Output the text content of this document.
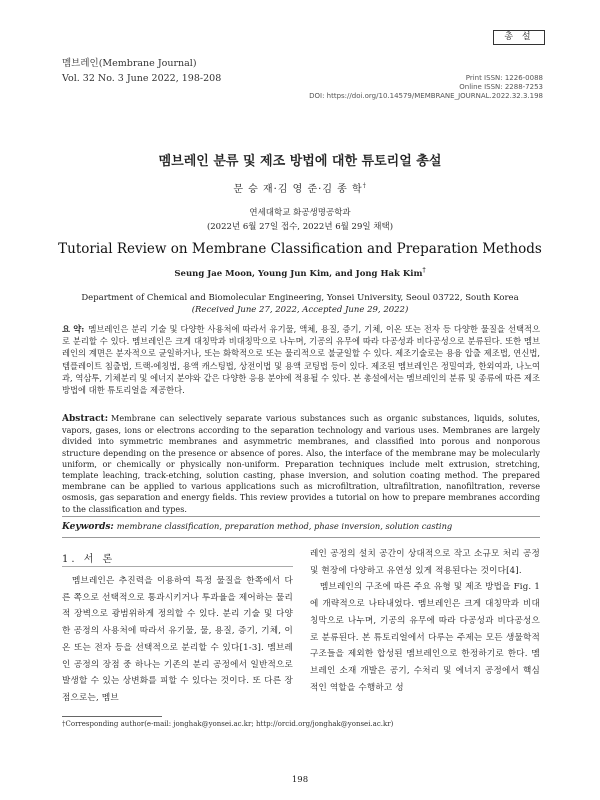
멤브레인(Membrane Journal)
Vol. 32 No. 3 June 2022, 198-208
총 설
Print ISSN: 1226-0088
Online ISSN: 2288-7253
DOI: https://doi.org/10.14579/MEMBRANE_JOURNAL.2022.32.3.198
멤브레인 분류 및 제조 방법에 대한 튜토리얼 총설
문 승 재·김 영 준·김 종 학†
연세대학교 화공생명공학과
(2022년 6월 27일 접수, 2022년 6월 29일 채택)
Tutorial Review on Membrane Classification and Preparation Methods
Seung Jae Moon, Young Jun Kim, and Jong Hak Kim†
Department of Chemical and Biomolecular Engineering, Yonsei University, Seoul 03722, South Korea
(Received June 27, 2022, Accepted June 29, 2022)
요 약: 멤브레인은 분리 기술 및 다양한 사용처에 따라서 유기물, 액체, 용질, 증기, 기체, 이온 또는 전자 등 다양한 물질을 선택적으로 분리할 수 있다. 멤브레인은 크게 대칭막과 비대칭막으로 나누며, 기공의 유무에 따라 다공성과 비다공성으로 분류된다. 또한 멤브레인의 계면은 분자적으로 균일하거나, 또는 화학적으로 또는 물리적으로 불균일할 수 있다. 제조기술로는 용융 압출 제조법, 연신법, 템플레이트 침출법, 트랙-에칭법, 용액 캐스팅법, 상전이법 및 용액 코팅법 등이 있다. 제조된 멤브레인은 정밀여과, 한외여과, 나노여과, 역삼투, 기체분리 및 에너지 분야와 같은 다양한 응용 분야에 적용될 수 있다. 본 총설에서는 멤브레인의 분류 및 종류에 따른 제조 방법에 대한 튜토리얼을 제공한다.
Abstract: Membrane can selectively separate various substances such as organic substances, liquids, solutes, vapors, gases, ions or electrons according to the separation technology and various uses. Membranes are largely divided into symmetric membranes and asymmetric membranes, and classified into porous and nonporous structure depending on the presence or absence of pores. Also, the interface of the membrane may be molecularly uniform, or chemically or physically non-uniform. Preparation techniques include melt extrusion, stretching, template leaching, track-etching, solution casting, phase inversion, and solution coating method. The prepared membrane can be applied to various applications such as microfiltration, ultrafiltration, nanofiltration, reverse osmosis, gas separation and energy fields. This review provides a tutorial on how to prepare membranes according to the classification and types.
Keywords: membrane classification, preparation method, phase inversion, solution casting
1. 서 론
멤브레인은 추진력을 이용하여 특정 물질을 한쪽에서 다른 쪽으로 선택적으로 통과시키거나 투과율을 제어하는 물리적 장벽으로 광범위하게 정의할 수 있다. 분리 기술 및 다양한 공정의 사용처에 따라서 유기물, 물, 용질, 증기, 기체, 이온 또는 전자 등을 선택적으로 분리할 수 있다[1-3]. 멤브레인 공정의 장점 중 하나는 기존의 분리 공정에서 일반적으로 발생할 수 있는 상변화를 피할 수 있다는 것이다. 또 다른 장점으로는, 멤브
레인 공정의 설치 공간이 상대적으로 작고 소규모 처리 공정 및 현장에 다양하고 유연성 있게 적용된다는 것이다[4].
멤브레인의 구조에 따른 주요 유형 및 제조 방법을 Fig. 1에 개략적으로 나타내었다. 멤브레인은 크게 대칭막과 비대칭막으로 나누며, 기공의 유무에 따라 다공성과 비다공성으로 분류된다. 본 튜토리얼에서 다루는 주제는 모든 생물학적 구조들을 제외한 합성된 멤브레인으로 한정하기로 한다. 멤브레인 소재 개발은 공기, 수처리 및 에너지 공정에서 핵심적인 역할을 수행하고 성
†Corresponding author(e-mail: jonghak@yonsei.ac.kr; http://orcid.org/jonghak@yonsei.ac.kr)
198
